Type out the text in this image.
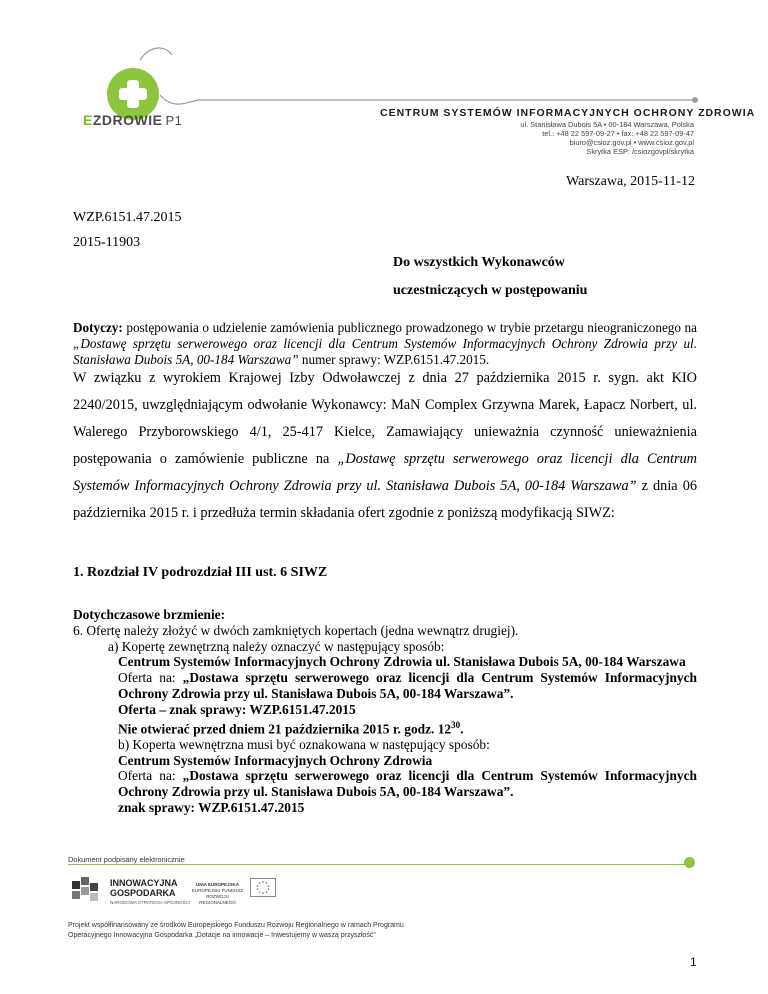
EZDROWIE P1	CENTRUM SYSTEMÓW INFORMACYJNYCH OCHRONY ZDROWIA
ul. Stanisława Dubois 5A • 00-184 Warszawa, Polska
tel.: +48 22 597-09-27 • fax: +48 22 597-09-47
biuro@csioz.gov.pl • www.csioz.gov.pl
Skrytka ESP: /csiozgovpl/skrytka
Warszawa, 2015-11-12
WZP.6151.47.2015
2015-11903
Do wszystkich Wykonawców
uczestniczących w postępowaniu
Dotyczy: postępowania o udzielenie zamówienia publicznego prowadzonego w trybie przetargu nieograniczonego na „Dostawę sprzętu serwerowego oraz licencji dla Centrum Systemów Informacyjnych Ochrony Zdrowia przy ul. Stanisława Dubois 5A, 00-184 Warszawa” numer sprawy: WZP.6151.47.2015.
W związku z wyrokiem Krajowej Izby Odwoławczej z dnia 27 października 2015 r. sygn. akt KIO 2240/2015, uwzględniającym odwołanie Wykonawcy: MaN Complex Grzywna Marek, Łapacz Norbert, ul. Walerego Przyborowskiego 4/1, 25-417 Kielce, Zamawiający unieważnia czynność unieważnienia postępowania o zamówienie publiczne na „Dostawę sprzętu serwerowego oraz licencji dla Centrum Systemów Informacyjnych Ochrony Zdrowia przy ul. Stanisława Dubois 5A, 00-184 Warszawa” z dnia 06 października 2015 r. i przedłuża termin składania ofert zgodnie z poniższą modyfikacją SIWZ:
1. Rozdział IV podrozdział III ust. 6 SIWZ
Dotychczasowe brzmienie:
6. Ofertę należy złożyć w dwóch zamkniętych kopertach (jedna wewnątrz drugiej).
a) Kopertę zewnętrzną należy oznaczyć w następujący sposób:
Centrum Systemów Informacyjnych Ochrony Zdrowia ul. Stanisława Dubois 5A, 00-184 Warszawa
Oferta na: „Dostawa sprzętu serwerowego oraz licencji dla Centrum Systemów Informacyjnych Ochrony Zdrowia przy ul. Stanisława Dubois 5A, 00-184 Warszawa”.
Oferta – znak sprawy: WZP.6151.47.2015
Nie otwierać przed dniem 21 października 2015 r. godz. $12^{30}$.
b) Koperta wewnętrzna musi być oznakowana w następujący sposób:
Centrum Systemów Informacyjnych Ochrony Zdrowia
Oferta na: „Dostawa sprzętu serwerowego oraz licencji dla Centrum Systemów Informacyjnych Ochrony Zdrowia przy ul. Stanisława Dubois 5A, 00-184 Warszawa”.
znak sprawy: WZP.6151.47.2015
Dokument podpisany elektronicznie
INNOWACYJNA
GOSPODARKA
NARODOWA STRATEGIA SPÓJNOŚCI
UNIA EUROPEJSKA
EUROPEJSKI FUNDUSZ
ROZWOJU REGIONALNEGO
Projekt współfinansowany ze środków Europejskiego Funduszu Rozwoju Regionalnego w ramach Programu
Operacyjnego Innowacyjna Gospodarka „Dotacje na innowacje – Inwestujemy w waszą przyszłość”
1
